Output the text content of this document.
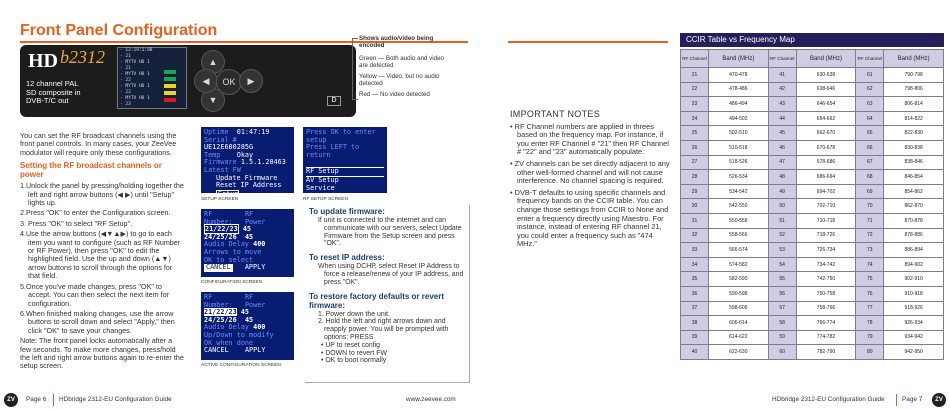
Front Panel Configuration
▲
▼
◀	OK	▶
HD b2312
12 channel PAL
SD composite in
DVB-T/C out
- 12:19:1:88
- 21
- MYTV HD 1
- 21
- MYTV HD 1
- 22
- MYTV HD 1
- 22
- MYTV HD 1
- 23
D
Shows audio/video being encoded
Green — Both audio and video are detected
Yellow — Video, but no audio detected
Red — No video detected
You can set the RF broadcast channels using the front panel controls. In many cases, your ZeeVee modulator will require only these configurations.
Setting the RF broadcast channels or power
1.Unlock the panel by pressing/holding together the left and right arrow buttons (◀ ▶) until "Setup" lights up.
2.Press "OK" to enter the Configuration screen.
3. Press "OK" to select "RF Setup".
4.Use the arrow buttons (◀▼▲▶) to go to each item you want to configure (such as RF Number or RF Power), then press "OK" to edit the highlighted field. Use the up and down (▲▼) arrow buttons to scroll through the options for that field.
5.Once you've made changes, press "OK" to accept. You can then select the next item for configuration.
6.When finished making changes, use the arrow buttons to scroll down and select "Apply," then click "OK" to save your changes.
Note: The front panel locks automatically after a few seconds. To make more changes, press/hold the left and right arrow buttons again to re-enter the setup screen.
Uptime 01:47:19
Serial #  UE12E600285G
Temp Okay
Firmware 1.5.1.28463
Latest FW
Update Firmware
Reset IP Address
Setup
SETUP SCREEN
Press OK to enter setup
Press LEFT to return
RF Setup
AV Setup
Service
RF SETUP SCREEN
RF	RF
Number: Power
21/22/23 45
24/25/26 45
Audio Delay 400
Arrows to move
OK to select
CANCEL APPLY
CONFIGURATION SCREEN
RF	RF
Number: Power
21/22/23 45
24/25/26 45
Audio Delay 400
Up/Down to modify
OK when done
CANCEL APPLY
ACTIVE CONFIGURATION SCREEN
To update firmware:
If unit is connected to the internet and can communicate with our servers, select Update Firmware from the Setup screen and press "OK".
To reset IP address:
When using DCHP, select Reset IP Address to force a release/renew of your IP address, and press "OK".
To restore factory defaults or revert firmware:
1. Power down the unit.
2. Hold the left and right arrows down and reapply power. You will be prompted with options: PRESS
• UP to reset config
• DOWN to revert FW
• OK to boot normally
IMPORTANT NOTES
• RF Channel numbers are applied in threes based on the frequency map. For instance, if you enter RF Channel # "21" then RF Channel # "22" and "23" automatically populate.
• ZV channels can be set directly adjacent to any other well-formed channel and will not cause interference. No channel spacing is required.
• DVB-T defaults to using specific channels and frequency bands on the CCIR table. You can change those settings from CCIR to None and enter a frequency directly using Maestro. For instance, instead of entering RF channel 21, you could enter a frequency such as "474 MHz."
CCIR Table vs Frequency Map
RF Channel	Band (MHz)	RF Channel	Band (MHz)	RF Channel	Band (MHz)
21	470-478	41	630-638	61	790-798
22	478-486	42	638-646	62	798-806
23	486-494	43	646-654	63	806-814
24	494-502	44	654-662	64	814-822
25	502-510	45	662-670	65	822-830
26	510-518	46	670-678	66	830-838
27	518-526	47	678-686	67	838-846
28	526-534	48	686-694	68	846-854
29	534-542	49	694-702	69	854-862
30	542-550	50	702-710	70	862-870
31	550-558	51	710-718	71	870-878
32	558-566	52	718-726	72	878-886
33	566-574	53	726-734	73	886-894
34	574-582	54	734-742	74	894-902
35	582-590	55	742-750	75	902-910
36	590-598	56	750-758	76	910-918
37	598-606	57	758-766	77	918-926
38	606-614	58	766-774	78	926-934
39	614-622	59	774-782	79	934-942
40	622-630	60	782-790	80	942-950
ZV	Page 6 HDbridge 2312-EU Configuration Guide	www.zeevee.com	HDbridge 2312-EU Configuration Guide	Page 7	ZV
